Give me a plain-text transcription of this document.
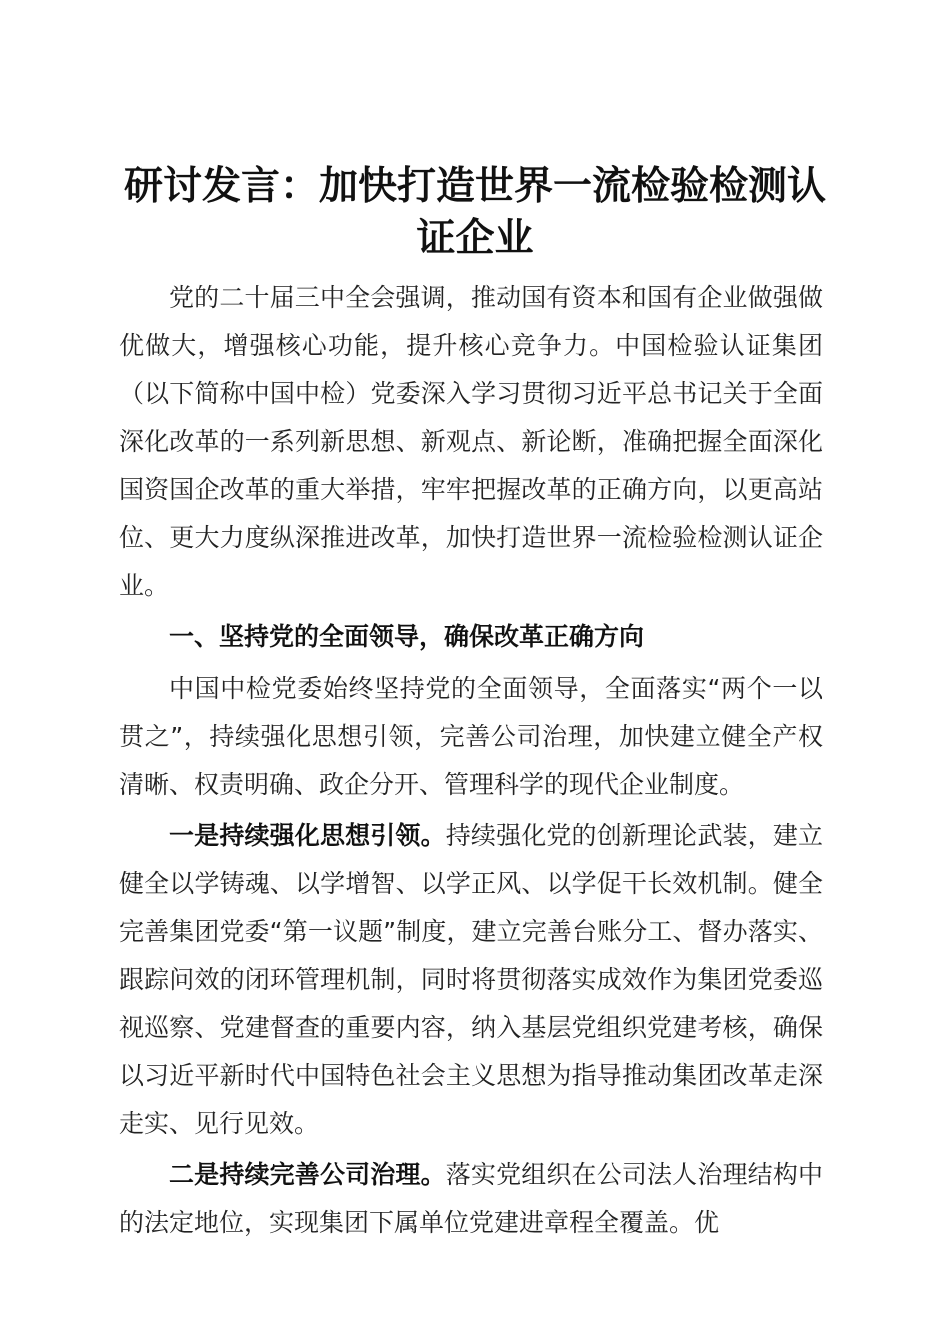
研讨发言：加快打造世界一流检验检测认证企业

党的二十届三中全会强调，推动国有资本和国有企业做强做优做大，增强核心功能，提升核心竞争力。中国检验认证集团（以下简称中国中检）党委深入学习贯彻习近平总书记关于全面深化改革的一系列新思想、新观点、新论断，准确把握全面深化国资国企改革的重大举措，牢牢把握改革的正确方向，以更高站位、更大力度纵深推进改革，加快打造世界一流检验检测认证企业。

一、坚持党的全面领导，确保改革正确方向

中国中检党委始终坚持党的全面领导，全面落实“两个一以贯之”，持续强化思想引领，完善公司治理，加快建立健全产权清晰、权责明确、政企分开、管理科学的现代企业制度。

一是持续强化思想引领。持续强化党的创新理论武装，建立健全以学铸魂、以学增智、以学正风、以学促干长效机制。健全完善集团党委“第一议题”制度，建立完善台账分工、督办落实、跟踪问效的闭环管理机制，同时将贯彻落实成效作为集团党委巡视巡察、党建督查的重要内容，纳入基层党组织党建考核，确保以习近平新时代中国特色社会主义思想为指导推动集团改革走深走实、见行见效。

二是持续完善公司治理。落实党组织在公司法人治理结构中的法定地位，实现集团下属单位党建进章程全覆盖。优
